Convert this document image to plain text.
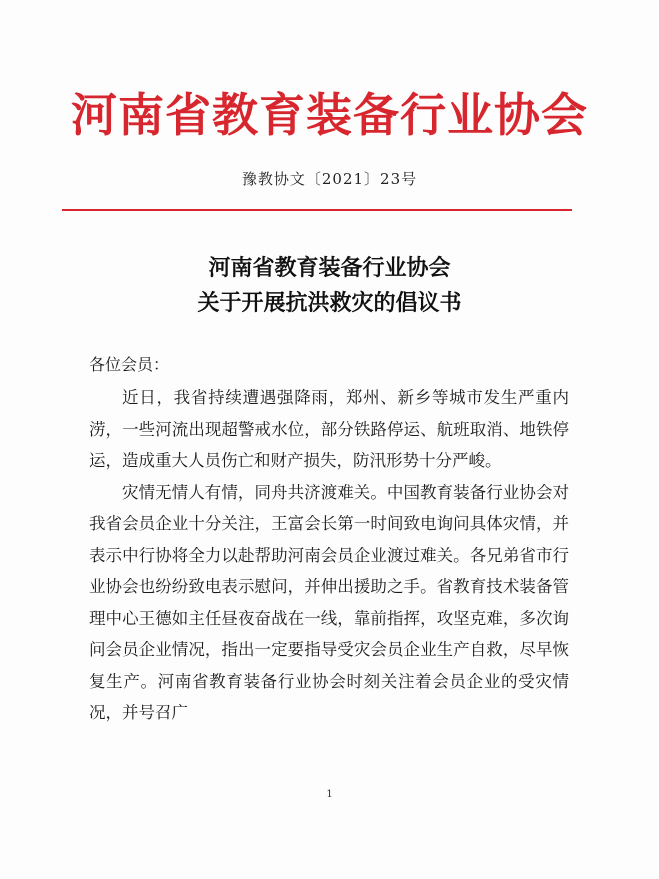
河南省教育装备行业协会
豫教协文〔2021〕23号
河南省教育装备行业协会
关于开展抗洪救灾的倡议书
各位会员：

近日，我省持续遭遇强降雨，郑州、新乡等城市发生严重内涝，一些河流出现超警戒水位，部分铁路停运、航班取消、地铁停运，造成重大人员伤亡和财产损失，防汛形势十分严峻。

灾情无情人有情，同舟共济渡难关。中国教育装备行业协会对我省会员企业十分关注，王富会长第一时间致电询问具体灾情，并表示中行协将全力以赴帮助河南会员企业渡过难关。各兄弟省市行业协会也纷纷致电表示慰问，并伸出援助之手。省教育技术装备管理中心王德如主任昼夜奋战在一线，靠前指挥，攻坚克难，多次询问会员企业情况，指出一定要指导受灾会员企业生产自救，尽早恢复生产。河南省教育装备行业协会时刻关注着会员企业的受灾情况，并号召广

1
